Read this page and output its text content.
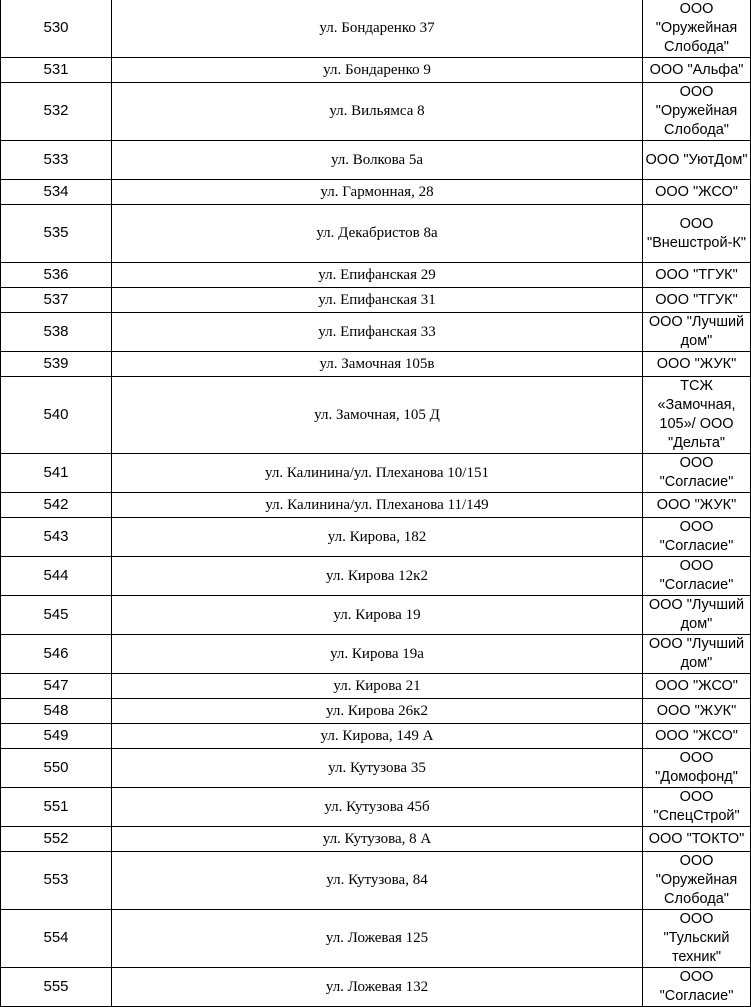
530	ул. Бондаренко 37	ООО "Оружейная Слобода"
531	ул. Бондаренко 9	ООО "Альфа"
532	ул. Вильямса 8	ООО "Оружейная Слобода"
533	ул. Волкова 5а	ООО "УютДом"
534	ул. Гармонная, 28	ООО "ЖСО"
535	ул. Декабристов 8а	ООО "Внешстрой-К"
536	ул. Епифанская 29	ООО "ТГУК"
537	ул. Епифанская 31	ООО "ТГУК"
538	ул. Епифанская 33	ООО "Лучший дом"
539	ул. Замочная 105в	ООО "ЖУК"
540	ул. Замочная, 105 Д	ТСЖ «Замочная, 105»/ ООО "Дельта"
541	ул. Калинина/ул. Плеханова 10/151	ООО "Согласие"
542	ул. Калинина/ул. Плеханова 11/149	ООО "ЖУК"
543	ул. Кирова, 182	ООО "Согласие"
544	ул. Кирова 12к2	ООО "Согласие"
545	ул. Кирова 19	ООО "Лучший дом"
546	ул. Кирова 19а	ООО "Лучший дом"
547	ул. Кирова 21	ООО "ЖСО"
548	ул. Кирова 26к2	ООО "ЖУК"
549	ул. Кирова, 149 А	ООО "ЖСО"
550	ул. Кутузова 35	ООО "Домофонд"
551	ул. Кутузова 45б	ООО "СпецСтрой"
552	ул. Кутузова, 8 А	ООО "ТОКТО"
553	ул. Кутузова, 84	ООО "Оружейная Слобода"
554	ул. Ложевая 125	ООО "Тульский техник"
555	ул. Ложевая 132	ООО "Согласие"
